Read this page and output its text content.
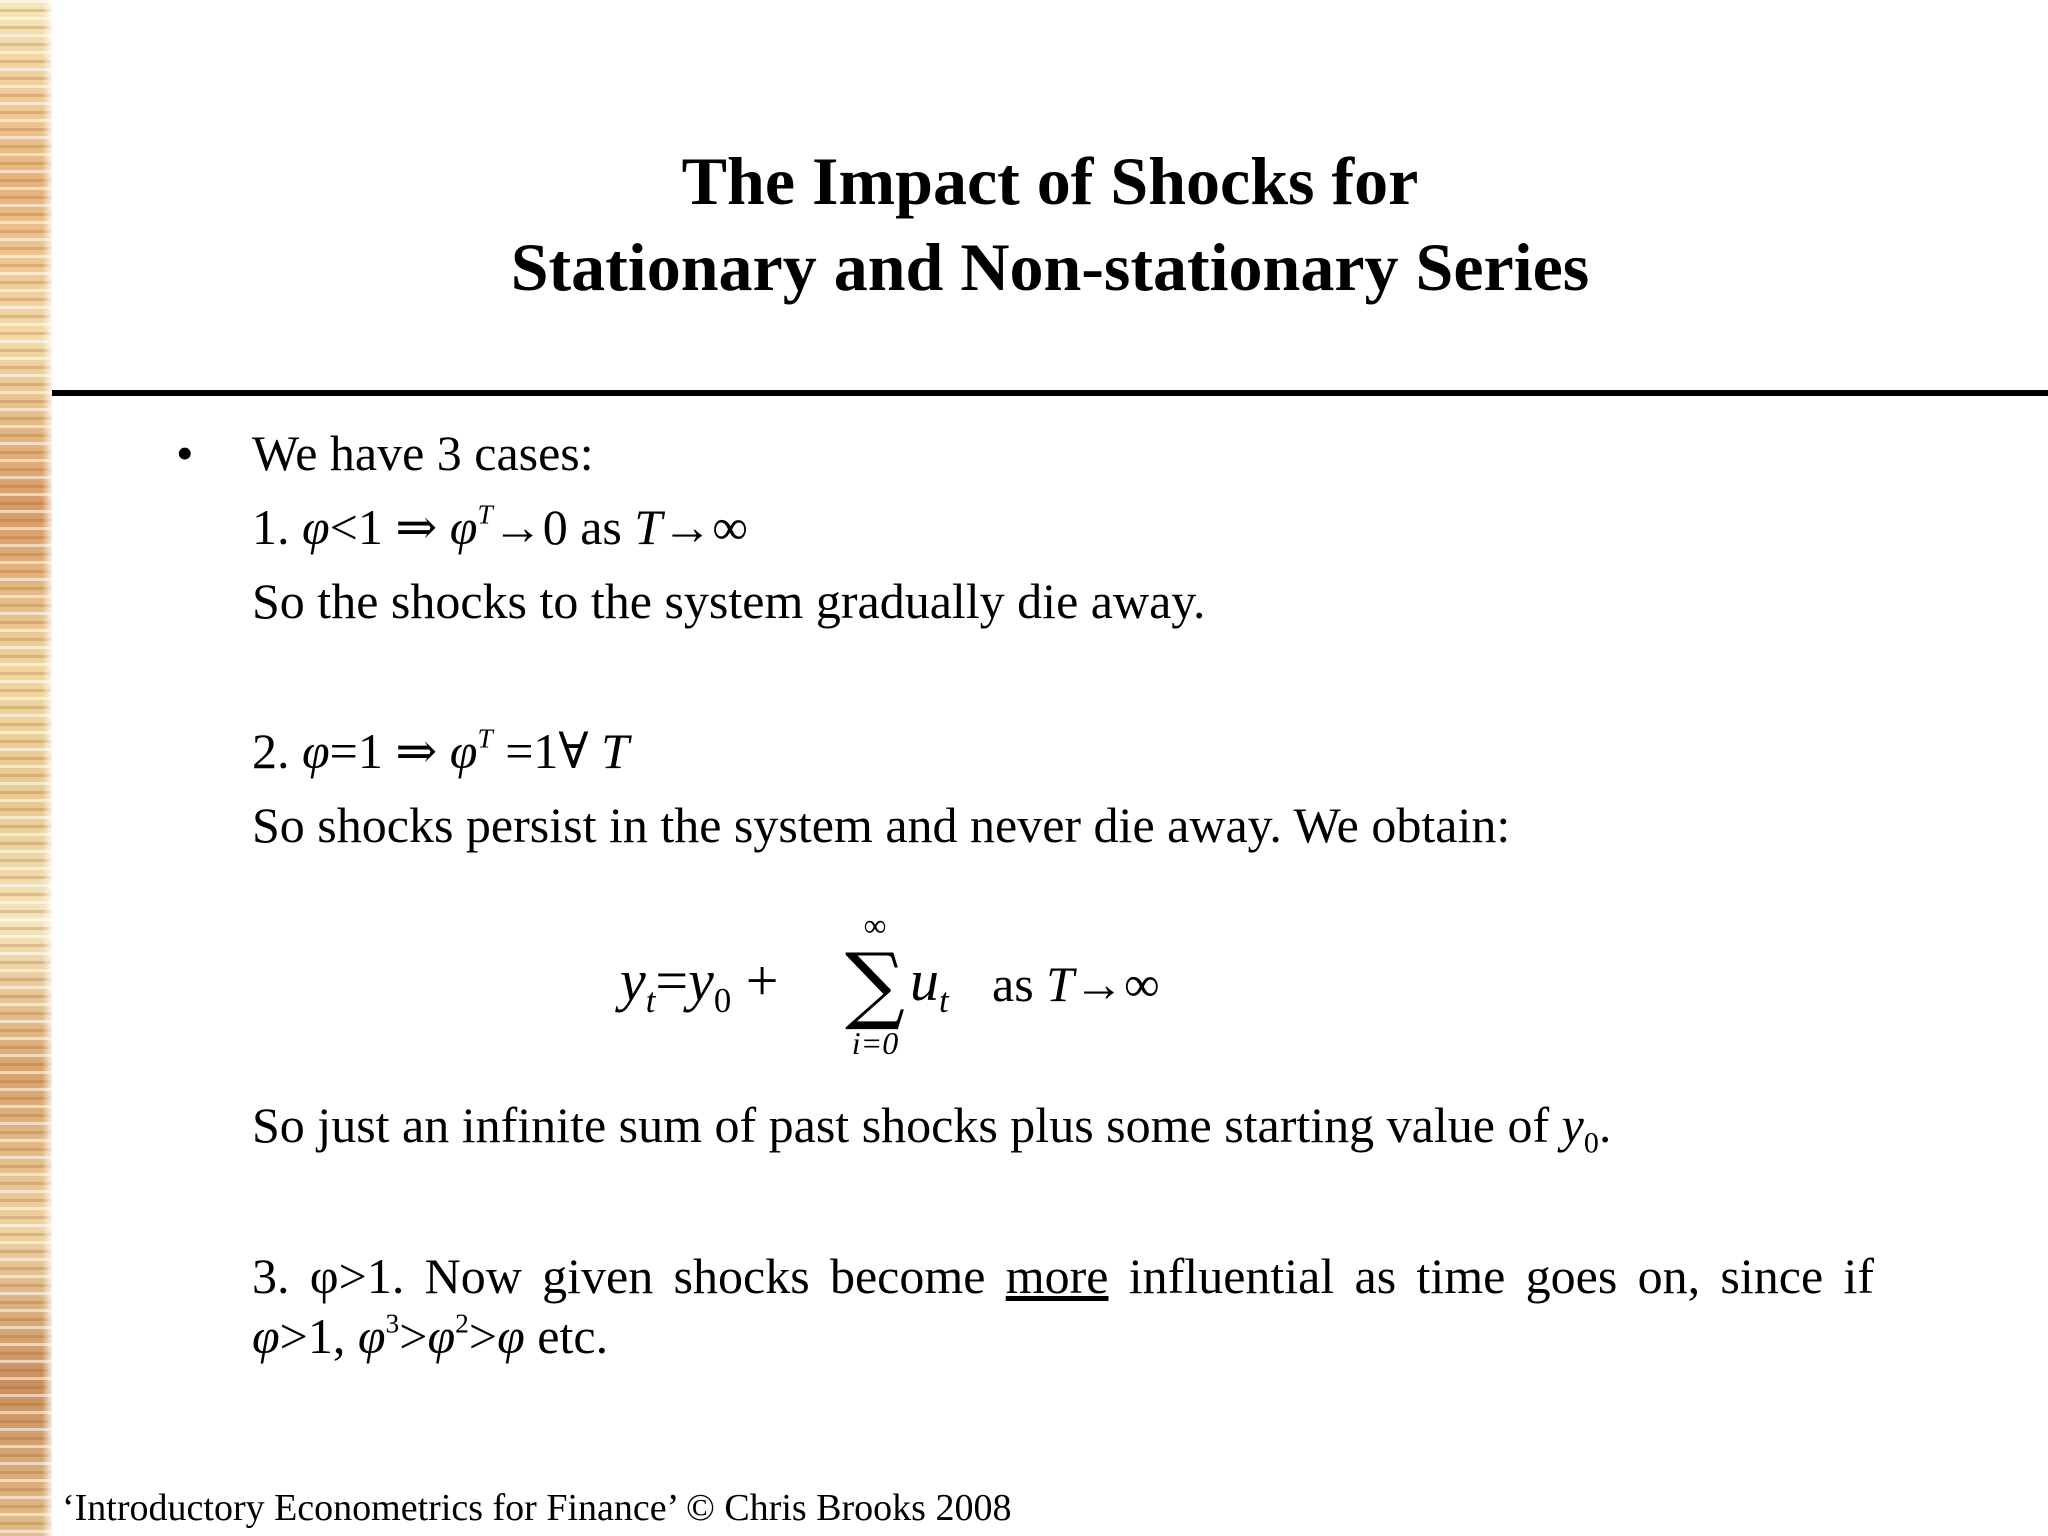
The Impact of Shocks for
Stationary and Non-stationary Series
• We have 3 cases:
1. φ<1 ⇒ $\varphi^T\to 0$ as T→∞
So the shocks to the system gradually die away.
2. φ=1 ⇒ $\varphi^T$ =1∀ T
So shocks persist in the system and never die away. We obtain:
$y_t=y_0$ +
∞
∑
i=0
$u_t$ as T→∞
So just an infinite sum of past shocks plus some starting value of $y_0$.
3. φ>1. Now given shocks become more influential as time goes on, since if φ>1, $\varphi^3>\varphi^2>\varphi$ etc.
‘Introductory Econometrics for Finance’ © Chris Brooks 2008
